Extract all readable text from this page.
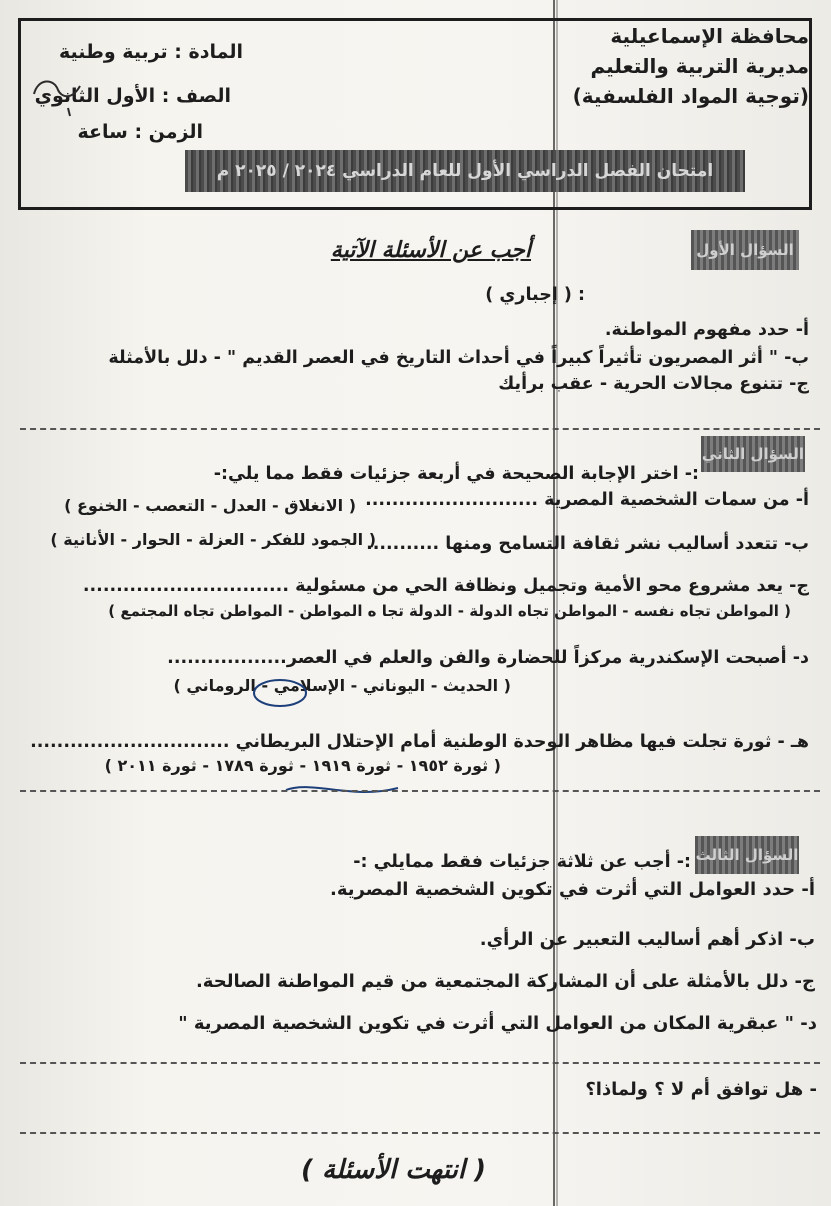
محافظة الإسماعيلية
مديرية التربية والتعليم
(توجية المواد الفلسفية)
المادة : تربية وطنية
الصف : الأول الثانوي
الزمن : ساعة
امتحان الفصل الدراسي الأول للعام الدراسي ٢٠٢٤ / ٢٠٢٥ م
أجب عن الأسئلة الآتية	السؤال الأول
: ( إجباري )
أ- حدد مفهوم المواطنة.
ب- " أثر المصريون تأثيراً كبيراً في أحداث التاريخ في العصر القديم " - دلل بالأمثلة
ج- تتنوع مجالات الحرية - عقب برأيك
السؤال الثاني
:- اختر الإجابة الصحيحة في أربعة جزئيات فقط مما يلي:-
أ- من سمات الشخصية المصرية ..........................
( الانغلاق - العدل - التعصب - الخنوع )
ب- تتعدد أساليب نشر ثقافة التسامح ومنها ...........
( الجمود للفكر - العزلة - الحوار - الأنانية )
ج- يعد مشروع محو الأمية وتجميل ونظافة الحي من مسئولية ...............................
( المواطن تجاه نفسه - المواطن تجاه الدولة - الدولة تجا ه المواطن - المواطن تجاه المجتمع )
د- أصبحت الإسكندرية مركزاً للحضارة والفن والعلم في العصر..................
( الحديث - اليوناني - الإسلامي - الروماني )
هـ - ثورة تجلت فيها مظاهر الوحدة الوطنية أمام الإحتلال البريطاني ..............................
( ثورة ١٩٥٢ - ثورة ١٩١٩ - ثورة ١٧٨٩ - ثورة ٢٠١١ )
السؤال الثالث
:- أجب عن ثلاثة جزئيات فقط ممايلي :-
أ- حدد العوامل التي أثرت في تكوين الشخصية المصرية.
ب- اذكر أهم أساليب التعبير عن الرأي.
ج- دلل بالأمثلة على أن المشاركة المجتمعية من قيم المواطنة الصالحة.
د- " عبقرية المكان من العوامل التي أثرت في تكوين الشخصية المصرية "
- هل توافق أم لا ؟ ولماذا؟
( انتهت الأسئلة )
